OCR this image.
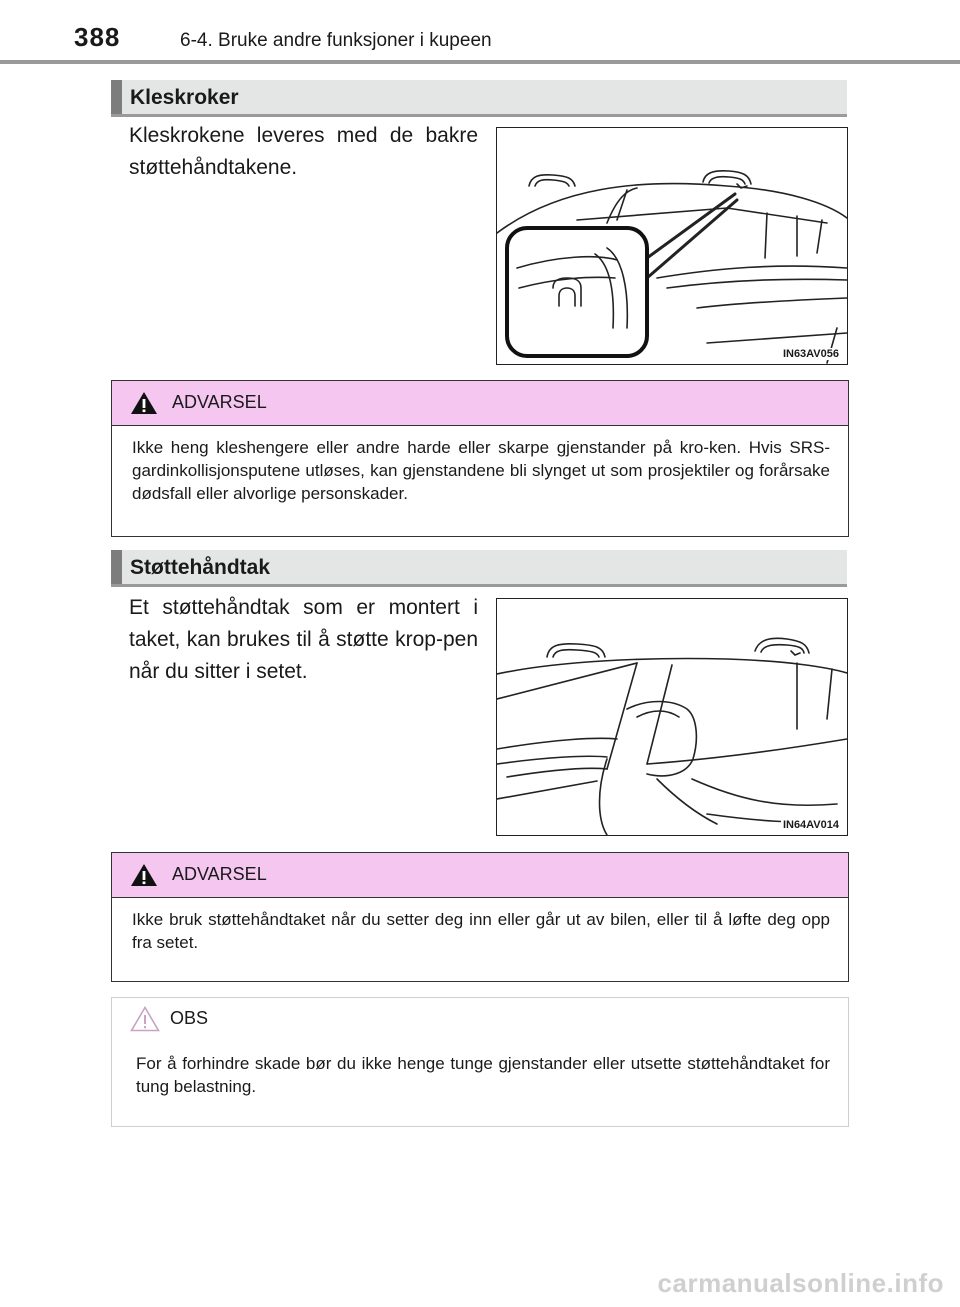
388	6-4. Bruke andre funksjoner i kupeen
Kleskroker
Kleskrokene leveres med de bakre støttehåndtakene.
IN63AV056
ADVARSEL
Ikke heng kleshengere eller andre harde eller skarpe gjenstander på kro-ken. Hvis SRS-gardinkollisjonsputene utløses, kan gjenstandene bli slynget ut som prosjektiler og forårsake dødsfall eller alvorlige personskader.
Støttehåndtak
Et støttehåndtak som er montert i taket, kan brukes til å støtte krop-pen når du sitter i setet.
IN64AV014
ADVARSEL
Ikke bruk støttehåndtaket når du setter deg inn eller går ut av bilen, eller til å løfte deg opp fra setet.
OBS
For å forhindre skade bør du ikke henge tunge gjenstander eller utsette støttehåndtaket for tung belastning.
carmanualsonline.info
